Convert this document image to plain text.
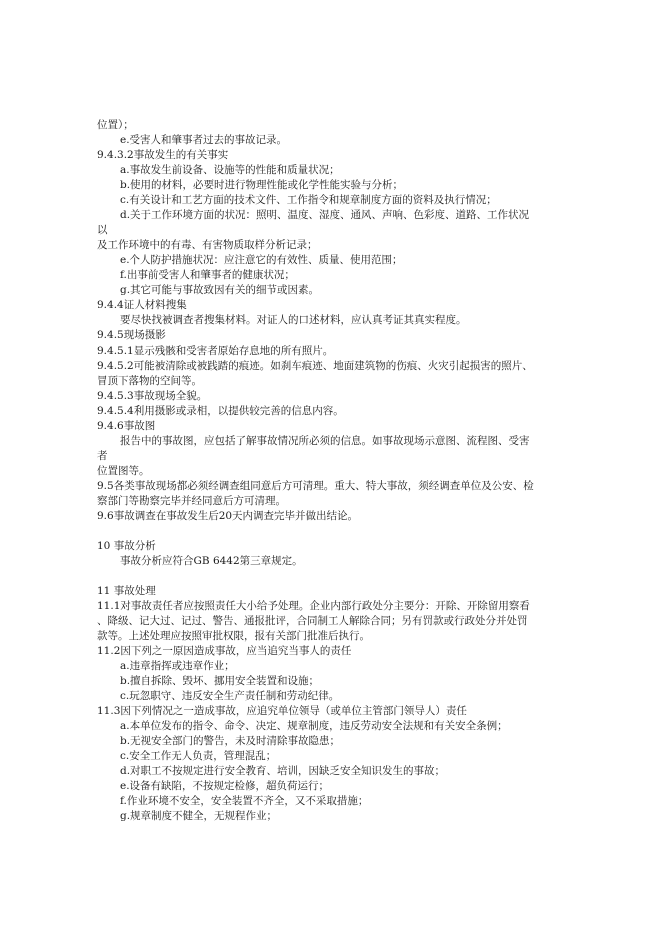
位置）；
e.受害人和肇事者过去的事故记录。
9.4.3.2事故发生的有关事实
a.事故发生前设备、设施等的性能和质量状况；
b.使用的材料，必要时进行物理性能或化学性能实验与分析；
c.有关设计和工艺方面的技术文件、工作指令和规章制度方面的资料及执行情况；
d.关于工作环境方面的状况：照明、温度、湿度、通风、声响、色彩度、道路、工作状况
以
及工作环境中的有毒、有害物质取样分析记录；
e.个人防护措施状况：应注意它的有效性、质量、使用范围；
f.出事前受害人和肇事者的健康状况；
g.其它可能与事故致因有关的细节或因素。
9.4.4证人材料搜集
要尽快找被调查者搜集材料。对证人的口述材料，应认真考证其真实程度。
9.4.5现场摄影
9.4.5.1显示残骸和受害者原始存息地的所有照片。
9.4.5.2可能被清除或被践踏的痕迹。如刹车痕迹、地面建筑物的伤痕、火灾引起损害的照片、
冒顶下落物的空间等。
9.4.5.3事故现场全貌。
9.4.5.4利用摄影或录相，以提供较完善的信息内容。
9.4.6事故图
报告中的事故图，应包括了解事故情况所必须的信息。如事故现场示意图、流程图、受害
者
位置图等。
9.5各类事故现场都必须经调查组同意后方可清理。重大、特大事故，须经调查单位及公安、检
察部门等勘察完毕并经同意后方可清理。
9.6事故调查在事故发生后20天内调查完毕并做出结论。
10 事故分析
事故分析应符合GB 6442第三章规定。
11 事故处理
11.1对事故责任者应按照责任大小给予处理。企业内部行政处分主要分：开除、开除留用察看
、降级、记大过、记过、警告、通报批评，合同制工人解除合同；另有罚款或行政处分并处罚
款等。上述处理应按照审批权限，报有关部门批准后执行。
11.2因下列之一原因造成事故，应当追究当事人的责任
a.违章指挥或违章作业；
b.擅自拆除、毁坏、挪用安全装置和设施；
c.玩忽职守、违反安全生产责任制和劳动纪律。
11.3因下列情况之一造成事故，应追究单位领导（或单位主管部门领导人）责任
a.本单位发布的指令、命令、决定、规章制度，违反劳动安全法规和有关安全条例；
b.无视安全部门的警告，未及时清除事故隐患；
c.安全工作无人负责，管理混乱；
d.对职工不按规定进行安全教育、培训，因缺乏安全知识发生的事故；
e.设备有缺陷，不按规定检修，超负荷运行；
f.作业环境不安全，安全装置不齐全，又不采取措施；
g.规章制度不健全，无规程作业；
